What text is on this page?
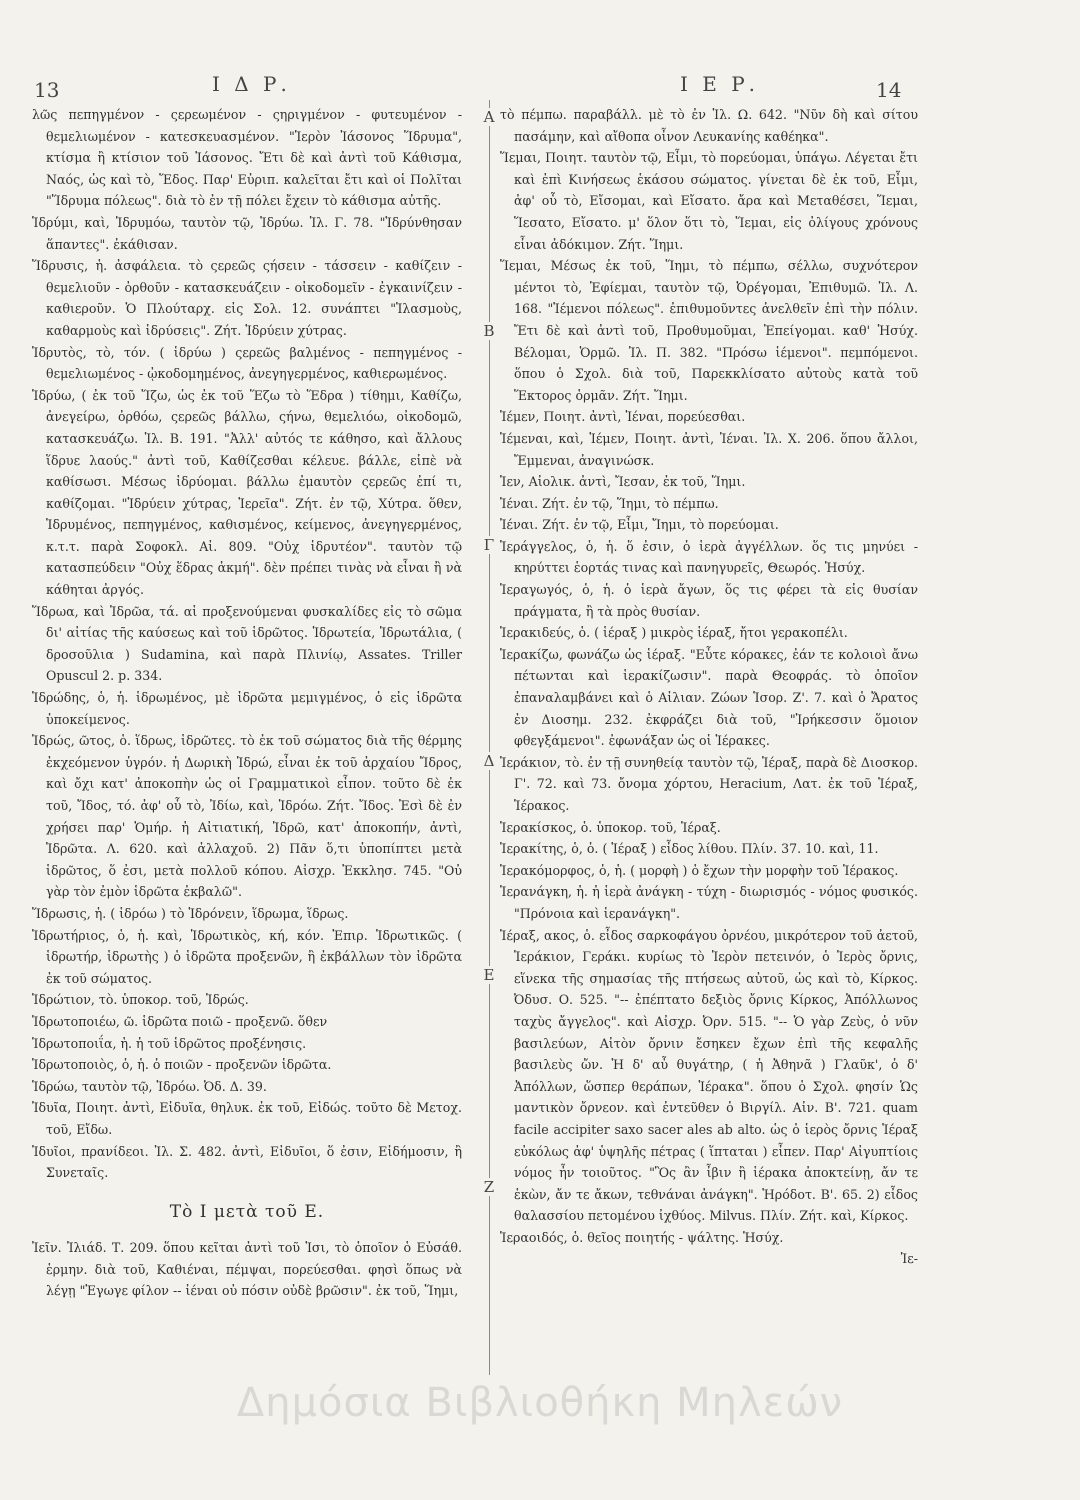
13	Ι Δ Ρ.	Ι Ε Ρ.	14
Α
Β
Γ
Δ
Ε
Ζ

λῶς πεπηγμένον - ςερεωμένον - ςηριγμένον - φυτευμένον - θεμελιωμένον - κατεσκευασμένον. "Ἱερὸν Ἰάσονος Ἵδρυμα", κτίσμα ἢ κτίσιον τοῦ Ἰάσονος. Ἔτι δὲ καὶ ἀντὶ τοῦ Κάθισμα, Ναός, ὡς καὶ τὸ, Ἕδος. Παρ' Εὐριπ. καλεῖται ἔτι καὶ οἱ Πολῖται "Ἵδρυμα πόλεως". διὰ τὸ ἐν τῇ πόλει ἔχειν τὸ κάθισμα αὐτῆς.

Ἱδρύμι, καὶ, Ἱδρυμόω, ταυτὸν τῷ, Ἱδρύω. Ἰλ. Γ. 78. "Ἱδρύνθησαν ἅπαντες". ἐκάθισαν.

Ἵδρυσις, ἡ. ἀσφάλεια. τὸ ςερεῶς ςήσειν - τάσσειν - καθίζειν - θεμελιοῦν - ὀρθοῦν - κατασκευάζειν - οἰκοδομεῖν - ἐγκαινίζειν - καθιεροῦν. Ὁ Πλούταρχ. εἰς Σολ. 12. συνάπτει "Ἱλασμοὺς, καθαρμοὺς καὶ ἱδρύσεις". Ζήτ. Ἱδρύειν χύτρας.

Ἱδρυτὸς, τὸ, τόν. ( ἱδρύω ) ςερεῶς βαλμένος - πεπηγμένος - θεμελιωμένος - ᾠκοδομημένος, ἀνεγηγερμένος, καθιερωμένος.

Ἱδρύω, ( ἐκ τοῦ Ἵζω, ὡς ἐκ τοῦ Ἕζω τὸ Ἕδρα ) τίθημι, Καθίζω, ἀνεγείρω, ὀρθόω, ςερεῶς βάλλω, ςήνω, θεμελιόω, οἰκοδομῶ, κατασκευάζω. Ἰλ. Β. 191. "Ἀλλ' αὐτός τε κάθησο, καὶ ἄλλους ἵδρυε λαούς." ἀντὶ τοῦ, Καθίζεσθαι κέλευε. βάλλε, εἰπὲ νὰ καθίσωσι. Μέσως ἱδρύομαι. βάλλω ἐμαυτὸν ςερεῶς ἐπί τι, καθίζομαι. "Ἱδρύειν χύτρας, Ἱερεῖα". Ζήτ. ἐν τῷ, Χύτρα. ὅθεν, Ἱδρυμένος, πεπηγμένος, καθισμένος, κείμενος, ἀνεγηγερμένος, κ.τ.τ. παρὰ Σοφοκλ. Αἰ. 809. "Οὐχ ἱδρυτέον". ταυτὸν τῷ κατασπεύδειν "Οὐχ ἕδρας ἀκμή". δὲν πρέπει τινὰς νὰ εἶναι ἢ νὰ κάθηται ἀργός.

Ἵδρωα, καὶ Ἱδρῶα, τά. αἱ προξενούμεναι φυσκαλίδες εἰς τὸ σῶμα δι' αἰτίας τῆς καύσεως καὶ τοῦ ἱδρῶτος. Ἱδρωτεία, Ἱδρωτάλια, ( δροσοῦλια ) Sudamina, καὶ παρὰ Πλινίῳ, Assates. Triller Opuscul 2. p. 334.

Ἱδρώδης, ὁ, ἡ. ἱδρωμένος, μὲ ἱδρῶτα μεμιγμένος, ὁ εἰς ἱδρῶτα ὑποκείμενος.

Ἱδρώς, ῶτος, ὁ. ἵδρως, ἱδρῶτες. τὸ ἐκ τοῦ σώματος διὰ τῆς θέρμης ἐκχεόμενον ὑγρόν. ἡ Δωρικὴ Ἱδρώ, εἶναι ἐκ τοῦ ἀρχαίου Ἴδρος, καὶ ὄχι κατ' ἀποκοπὴν ὡς οἱ Γραμματικοὶ εἶπον. τοῦτο δὲ ἐκ τοῦ, Ἴδος, τό. ἀφ' οὗ τὸ, Ἰδίω, καὶ, Ἱδρόω. Ζήτ. Ἴδος. Ἐσὶ δὲ ἐν χρήσει παρ' Ὁμήρ. ἡ Αἰτιατική, Ἱδρῶ, κατ' ἀποκοπήν, ἀντὶ, Ἱδρῶτα. Λ. 620. καὶ ἀλλαχοῦ. 2) Πᾶν ὅ,τι ὑποπίπτει μετὰ ἱδρῶτος, ὅ ἐσι, μετὰ πολλοῦ κόπου. Αἰσχρ. Ἐκκλησ. 745. "Οὐ γὰρ τὸν ἐμὸν ἱδρῶτα ἐκβαλῶ".

Ἵδρωσις, ἡ. ( ἱδρόω ) τὸ Ἱδρόνειν, ἵδρωμα, ἵδρως.

Ἱδρωτήριος, ὁ, ἡ. καὶ, Ἱδρωτικὸς, κή, κόν. Ἐπιρ. Ἱδρωτικῶς. ( ἱδρωτήρ, ἱδρωτὴς ) ὁ ἱδρῶτα προξενῶν, ἢ ἐκβάλλων τὸν ἱδρῶτα ἐκ τοῦ σώματος.

Ἱδρώτιον, τὸ. ὑποκορ. τοῦ, Ἱδρώς.

Ἱδρωτοποιέω, ῶ. ἱδρῶτα ποιῶ - προξενῶ. ὅθεν

Ἱδρωτοποιΐα, ἡ. ἡ τοῦ ἱδρῶτος προξένησις.

Ἱδρωτοποιὸς, ὁ, ἡ. ὁ ποιῶν - προξενῶν ἱδρῶτα.

Ἱδρώω, ταυτὸν τῷ, Ἱδρόω. Ὀδ. Δ. 39.

Ἰδυῖα, Ποιητ. ἀντὶ, Εἰδυῖα, θηλυκ. ἐκ τοῦ, Εἰδώς. τοῦτο δὲ Μετοχ. τοῦ, Εἴδω.

Ἰδυῖοι, πρανίδεοι. Ἰλ. Σ. 482. ἀντὶ, Εἰδυῖοι, ὅ ἐσιν, Εἰδήμοσιν, ἢ Συνεταῖς.

Τὸ Ι μετὰ τοῦ Ε.

Ἰεῖν. Ἰλιάδ. Τ. 209. ὅπου κεῖται ἀντὶ τοῦ Ἰσι, τὸ ὁποῖον ὁ Εὐσάθ. ἑρμην. διὰ τοῦ, Καθιέναι, πέμψαι, πορεύεσθαι. φησὶ ὅπως νὰ λέγῃ "Ἐγωγε φίλον -- ἰέναι οὐ πόσιν οὐδὲ βρῶσιν". ἐκ τοῦ, Ἵημι,

τὸ πέμπω. παραβάλλ. μὲ τὸ ἐν Ἰλ. Ω. 642. "Νῦν δὴ καὶ σίτου πασάμην, καὶ αἴθοπα οἶνον Λευκανίης καθέηκα".

Ἵεμαι, Ποιητ. ταυτὸν τῷ, Εἶμι, τὸ πορεύομαι, ὑπάγω. Λέγεται ἔτι καὶ ἐπὶ Κινήσεως ἑκάσου σώματος. γίνεται δὲ ἐκ τοῦ, Εἶμι, ἀφ' οὗ τὸ, Εἴσομαι, καὶ Εἴσατο. ἄρα καὶ Μεταθέσει, Ἵεμαι, Ἵεσατο, Εἴσατο. μ' ὅλον ὅτι τὸ, Ἵεμαι, εἰς ὀλίγους χρόνους εἶναι ἀδόκιμον. Ζήτ. Ἵημι.

Ἵεμαι, Μέσως ἐκ τοῦ, Ἵημι, τὸ πέμπω, σέλλω, συχνότερον μέντοι τὸ, Ἐφίεμαι, ταυτὸν τῷ, Ὀρέγομαι, Ἐπιθυμῶ. Ἰλ. Λ. 168. "Ἱέμενοι πόλεως". ἐπιθυμοῦντες ἀνελθεῖν ἐπὶ τὴν πόλιν. Ἔτι δὲ καὶ ἀντὶ τοῦ, Προθυμοῦμαι, Ἐπείγομαι. καθ' Ἡσύχ. Βέλομαι, Ὁρμῶ. Ἰλ. Π. 382. "Πρόσω ἱέμενοι". πεμπόμενοι. ὅπου ὁ Σχολ. διὰ τοῦ, Παρεκκλίσατο αὐτοὺς κατὰ τοῦ Ἕκτορος ὁρμᾶν. Ζήτ. Ἵημι.

Ἱέμεν, Ποιητ. ἀντὶ, Ἰέναι, πορεύεσθαι.

Ἱέμεναι, καὶ, Ἱέμεν, Ποιητ. ἀντὶ, Ἰέναι. Ἰλ. Χ. 206. ὅπου ἄλλοι, Ἔμμεναι, ἀναγινώσκ.

Ἱεν, Αἰολικ. ἀντὶ, Ἴεσαν, ἐκ τοῦ, Ἵημι.

Ἱέναι. Ζήτ. ἐν τῷ, Ἵημι, τὸ πέμπω.

Ἰέναι. Ζήτ. ἐν τῷ, Εἶμι, Ἴημι, τὸ πορεύομαι.

Ἱεράγγελος, ὁ, ἡ. ὅ ἐσιν, ὁ ἱερὰ ἀγγέλλων. ὅς τις μηνύει - κηρύττει ἑορτάς τινας καὶ πανηγυρεῖς, Θεωρός. Ἡσύχ.

Ἱεραγωγός, ὁ, ἡ. ὁ ἱερὰ ἄγων, ὅς τις φέρει τὰ εἰς θυσίαν πράγματα, ἢ τὰ πρὸς θυσίαν.

Ἱερακιδεύς, ὁ. ( ἱέραξ ) μικρὸς ἱέραξ, ἤτοι γερακοπέλι.

Ἱερακίζω, φωνάζω ὡς ἱέραξ. "Εὖτε κόρακες, ἐάν τε κολοιοὶ ἄνω πέτωνται καὶ ἱερακίζωσιν". παρὰ Θεοφράς. τὸ ὁποῖον ἐπαναλαμβάνει καὶ ὁ Αἰλιαν. Ζώων Ἱσορ. Ζ'. 7. καὶ ὁ Ἄρατος ἐν Διοσημ. 232. ἐκφράζει διὰ τοῦ, "Ἰρήκεσσιν ὅμοιον φθεγξάμενοι". ἐφωνάξαν ὡς οἱ Ἱέρακες.

Ἱεράκιον, τὸ. ἐν τῇ συνηθείᾳ ταυτὸν τῷ, Ἱέραξ, παρὰ δὲ Διοσκορ. Γ'. 72. καὶ 73. ὄνομα χόρτου, Heracium, Λατ. ἐκ τοῦ Ἱέραξ, Ἱέρακος.

Ἱερακίσκος, ὁ. ὑποκορ. τοῦ, Ἱέραξ.

Ἱερακίτης, ὁ, ὁ. ( Ἱέραξ ) εἶδος λίθου. Πλίν. 37. 10. καὶ, 11.

Ἱερακόμορφος, ὁ, ἡ. ( μορφὴ ) ὁ ἔχων τὴν μορφὴν τοῦ Ἱέρακος.

Ἱερανάγκη, ἡ. ἡ ἱερὰ ἀνάγκη - τύχη - διωρισμός - νόμος φυσικός. "Πρόνοια καὶ ἱερανάγκη".

Ἱέραξ, ακος, ὁ. εἶδος σαρκοφάγου ὀρνέου, μικρότερον τοῦ ἀετοῦ, Ἱεράκιον, Γεράκι. κυρίως τὸ Ἱερὸν πετεινόν, ὁ Ἱερὸς ὄρνις, εἵνεκα τῆς σημασίας τῆς πτήσεως αὐτοῦ, ὡς καὶ τὸ, Κίρκος. Ὀδυσ. Ο. 525. "-- ἐπέπτατο δεξιὸς ὄρνις Κίρκος, Ἀπόλλωνος ταχὺς ἄγγελος". καὶ Αἰσχρ. Ὀρν. 515. "-- Ὁ γὰρ Ζεὺς, ὁ νῦν βασιλεύων, Αἰτὸν ὄρνιν ἔσηκεν ἔχων ἐπὶ τῆς κεφαλῆς βασιλεὺς ὤν. Ἡ δ' αὖ θυγάτηρ, ( ἡ Ἀθηνᾶ ) Γλαῦκ', ὁ δ' Ἀπόλλων, ὥσπερ θεράπων, Ἱέρακα". ὅπου ὁ Σχολ. φησίν Ὡς μαντικὸν ὄρνεον. καὶ ἐντεῦθεν ὁ Βιργίλ. Αἰν. Β'. 721. quam facile accipiter saxo sacer ales ab alto. ὡς ὁ ἱερὸς ὄρνις Ἱέραξ εὐκόλως ἀφ' ὑψηλῆς πέτρας ( ἵπταται ) εἶπεν. Παρ' Αἰγυπτίοις νόμος ἦν τοιοῦτος. "Ὃς ἂν ἶβιν ἢ ἱέρακα ἀποκτείνῃ, ἄν τε ἑκὼν, ἄν τε ἄκων, τεθνάναι ἀνάγκη". Ἡρόδοτ. Β'. 65. 2) εἶδος θαλασσίου πετομένου ἰχθύος. Milvus. Πλίν. Ζήτ. καὶ, Κίρκος.

Ἱεραοιδός, ὁ. θεῖος ποιητής - ψάλτης. Ἡσύχ.

Ἱε-

Δημόσια Βιβλιοθήκη Μηλεών
